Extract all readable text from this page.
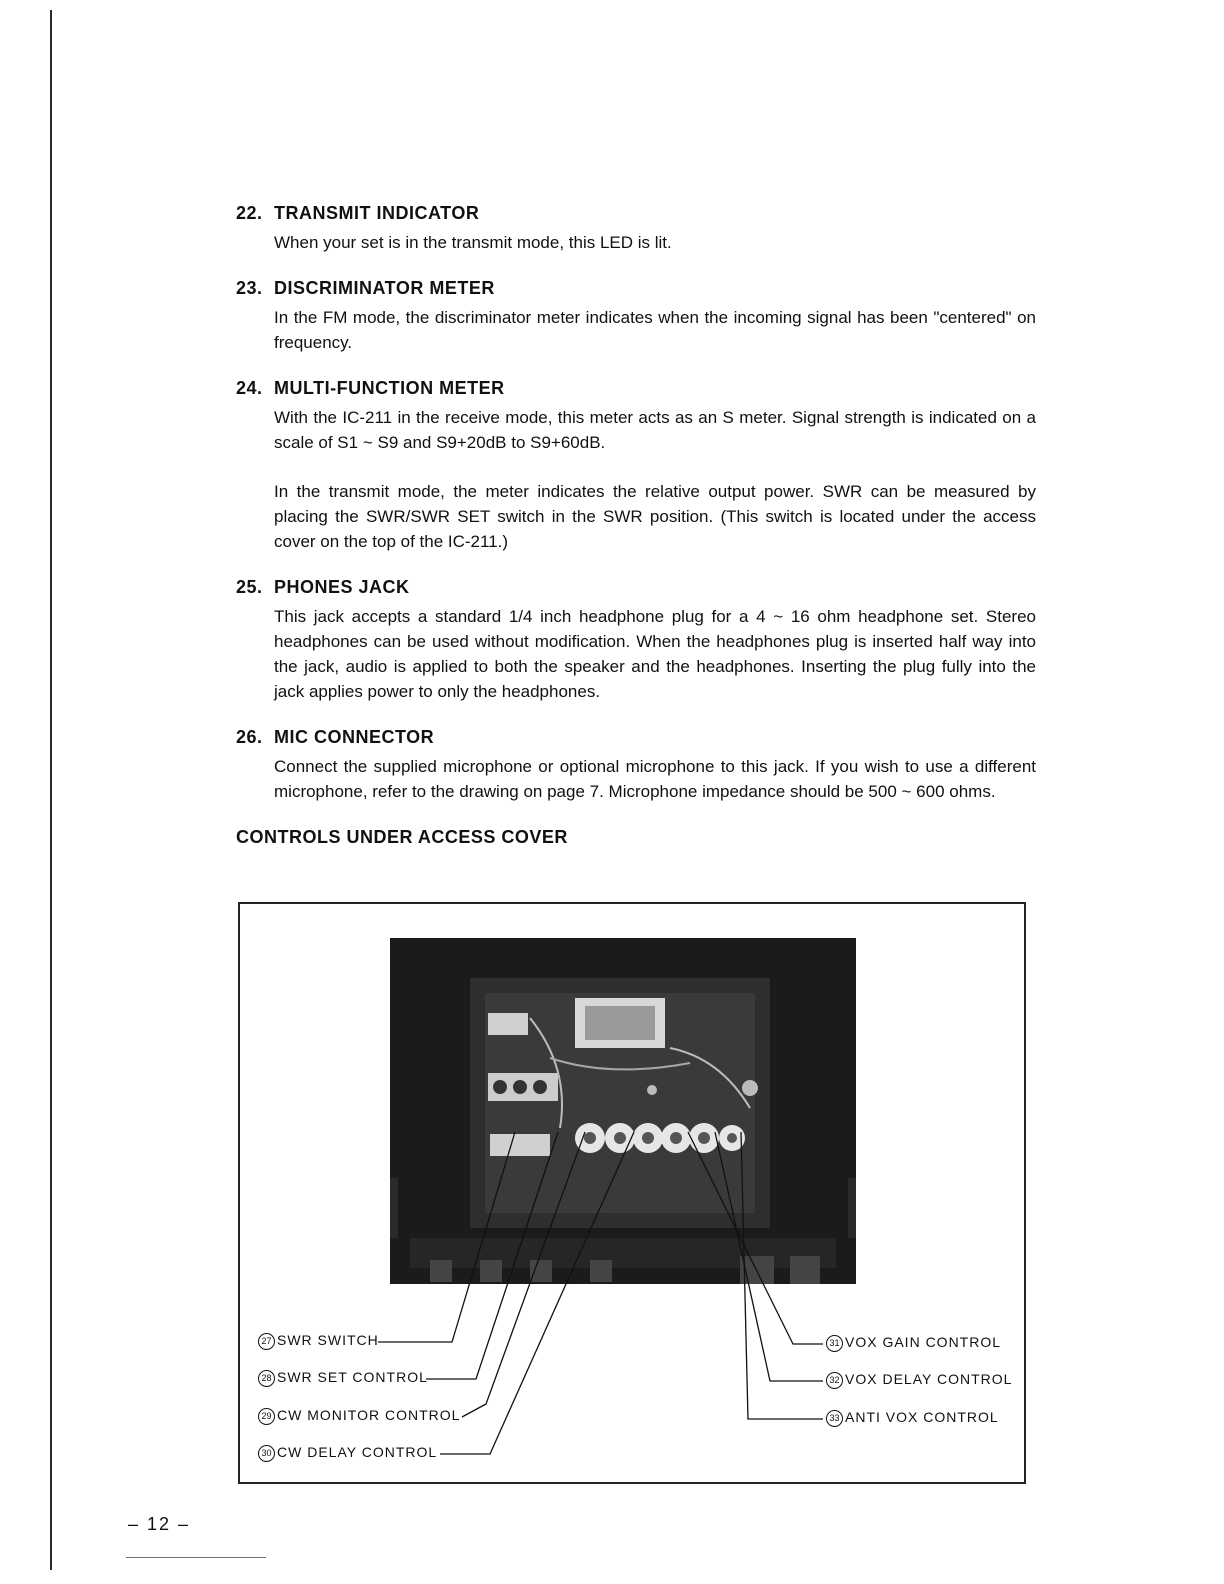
22. TRANSMIT INDICATOR

When your set is in the transmit mode, this LED is lit.

23. DISCRIMINATOR METER

In the FM mode, the discriminator meter indicates when the incoming signal has been "centered" on frequency.

24. MULTI-FUNCTION METER

With the IC-211 in the receive mode, this meter acts as an S meter. Signal strength is indicated on a scale of S1 ~ S9 and S9+20dB to S9+60dB.

In the transmit mode, the meter indicates the relative output power. SWR can be measured by placing the SWR/SWR SET switch in the SWR position. (This switch is located under the access cover on the top of the IC-211.)

25. PHONES JACK

This jack accepts a standard 1/4 inch headphone plug for a 4 ~ 16 ohm headphone set. Stereo headphones can be used without modification. When the headphones plug is inserted half way into the jack, audio is applied to both the speaker and the headphones. Inserting the plug fully into the jack applies power to only the headphones.

26. MIC CONNECTOR

Connect the supplied microphone or optional microphone to this jack. If you wish to use a different microphone, refer to the drawing on page 7. Microphone impedance should be 500 ~ 600 ohms.

CONTROLS UNDER ACCESS COVER
27 SWR SWITCH
28 SWR SET CONTROL
29 CW MONITOR CONTROL
30 CW DELAY CONTROL
31 VOX GAIN CONTROL
32 VOX DELAY CONTROL
33 ANTI VOX CONTROL
– 12 –
